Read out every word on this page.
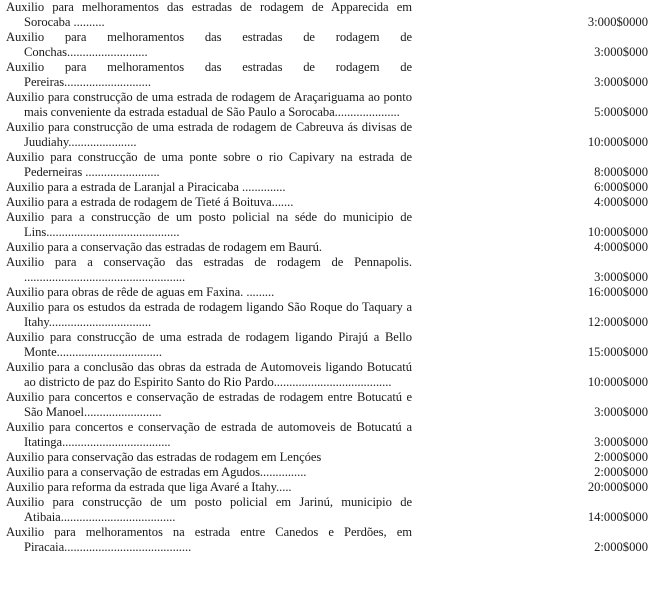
Auxilio para melhoramentos das estradas de rodagem de Apparecida em Sorocaba ..........	3:000$0000
Auxilio para melhoramentos das estradas de rodagem de Conchas..........................	3:000$000
Auxilio para melhoramentos das estradas de rodagem de Pereiras............................	3:000$000
Auxilio para construcção de uma estrada de rodagem de Araçariguama ao ponto mais conveniente da estrada estadual de São Paulo a Sorocaba.....................	5:000$000
Auxilio para construcção de uma estrada de rodagem de Cabreuva ás divisas de Juudiahy......................	10:000$000
Auxilio para construcção de uma ponte sobre o rio Capivary na estrada de Pederneiras ........................	8:000$000
Auxilio para a estrada de Laranjal a Piracicaba ..............	6:000$000
Auxilio para a estrada de rodagem de Tieté á Boituva.......	4:000$000
Auxilio para a construcção de um posto policial na séde do municipio de Lins...........................................	10:000$000
Auxilio para a conservação das estradas de rodagem em Baurú.	4:000$000
Auxilio para a conservação das estradas de rodagem de Pennapolis. ....................................................	3:000$000
Auxilio para obras de rêde de aguas em Faxina. .........	16:000$000
Auxilio para os estudos da estrada de rodagem ligando São Roque do Taquary a Itahy.................................	12:000$000
Auxilio para construcção de uma estrada de rodagem ligando Pirajú a Bello Monte..................................	15:000$000
Auxilio para a conclusão das obras da estrada de Automoveis ligando Botucatú ao districto de paz do Espirito Santo do Rio Pardo......................................	10:000$000
Auxilio para concertos e conservação de estradas de rodagem entre Botucatú e São Manoel.........................	3:000$000
Auxilio para concertos e conservação de estrada de automoveis de Botucatú a Itatinga...................................	3:000$000
Auxilio para conservação das estradas de rodagem em Lençóes	2:000$000
Auxilio para a conservação de estradas em Agudos...............	2:000$000
Auxilio para reforma da estrada que liga Avaré a Itahy.....	20:000$000
Auxilio para construcção de um posto policial em Jarinú, municipio de Atibaia.....................................	14:000$000
Auxilio para melhoramentos na estrada entre Canedos e Perdões, em Piracaia.........................................	2:000$000
